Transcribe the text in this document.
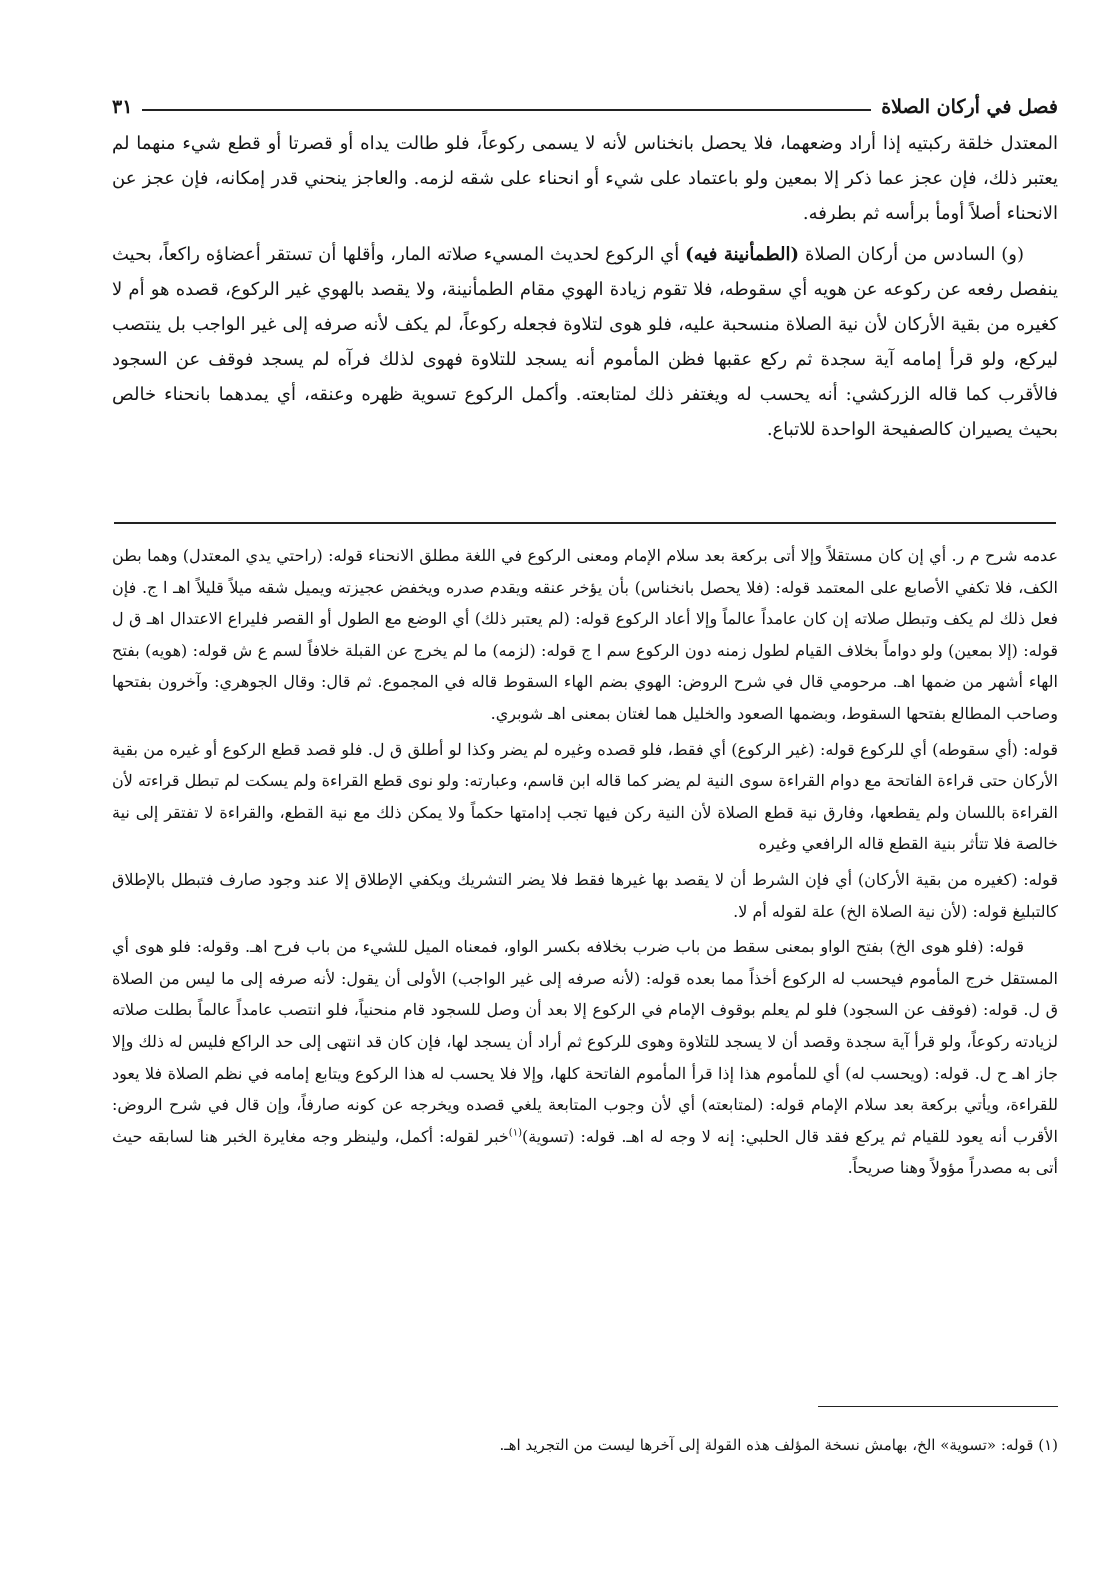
فصل في أركان الصلاة
٣١

المعتدل خلقة ركبتيه إذا أراد وضعهما، فلا يحصل بانخناس لأنه لا يسمى ركوعاً، فلو طالت يداه أو قصرتا أو قطع شيء منهما لم يعتبر ذلك، فإن عجز عما ذكر إلا بمعين ولو باعتماد على شيء أو انحناء على شقه لزمه. والعاجز ينحني قدر إمكانه، فإن عجز عن الانحناء أصلاً أومأ برأسه ثم بطرفه.

(و) السادس من أركان الصلاة (الطمأنينة فيه) أي الركوع لحديث المسيء صلاته المار، وأقلها أن تستقر أعضاؤه راكعاً، بحيث ينفصل رفعه عن ركوعه عن هويه أي سقوطه، فلا تقوم زيادة الهوي مقام الطمأنينة، ولا يقصد بالهوي غير الركوع، قصده هو أم لا كغيره من بقية الأركان لأن نية الصلاة منسحبة عليه، فلو هوى لتلاوة فجعله ركوعاً، لم يكف لأنه صرفه إلى غير الواجب بل ينتصب ليركع، ولو قرأ إمامه آية سجدة ثم ركع عقبها فظن المأموم أنه يسجد للتلاوة فهوى لذلك فرآه لم يسجد فوقف عن السجود فالأقرب كما قاله الزركشي: أنه يحسب له ويغتفر ذلك لمتابعته. وأكمل الركوع تسوية ظهره وعنقه، أي يمدهما بانحناء خالص بحيث يصيران كالصفيحة الواحدة للاتباع.

عدمه شرح م ر. أي إن كان مستقلاً وإلا أتى بركعة بعد سلام الإمام ومعنى الركوع في اللغة مطلق الانحناء قوله: (راحتي يدي المعتدل) وهما بطن الكف، فلا تكفي الأصابع على المعتمد قوله: (فلا يحصل بانخناس) بأن يؤخر عنقه ويقدم صدره ويخفض عجيزته ويميل شقه ميلاً قليلاً اهـ ا ج. فإن فعل ذلك لم يكف وتبطل صلاته إن كان عامداً عالماً وإلا أعاد الركوع قوله: (لم يعتبر ذلك) أي الوضع مع الطول أو القصر فليراع الاعتدال اهـ ق ل قوله: (إلا بمعين) ولو دواماً بخلاف القيام لطول زمنه دون الركوع سم ا ج قوله: (لزمه) ما لم يخرج عن القبلة خلافاً لسم ع ش قوله: (هويه) بفتح الهاء أشهر من ضمها اهـ. مرحومي قال في شرح الروض: الهوي بضم الهاء السقوط قاله في المجموع. ثم قال: وقال الجوهري: وآخرون بفتحها وصاحب المطالع بفتحها السقوط، وبضمها الصعود والخليل هما لغتان بمعنى اهـ شوبري.

قوله: (أي سقوطه) أي للركوع قوله: (غير الركوع) أي فقط، فلو قصده وغيره لم يضر وكذا لو أطلق ق ل. فلو قصد قطع الركوع أو غيره من بقية الأركان حتى قراءة الفاتحة مع دوام القراءة سوى النية لم يضر كما قاله ابن قاسم، وعبارته: ولو نوى قطع القراءة ولم يسكت لم تبطل قراءته لأن القراءة باللسان ولم يقطعها، وفارق نية قطع الصلاة لأن النية ركن فيها تجب إدامتها حكماً ولا يمكن ذلك مع نية القطع، والقراءة لا تفتقر إلى نية خالصة فلا تتأثر بنية القطع قاله الرافعي وغيره

قوله: (كغيره من بقية الأركان) أي فإن الشرط أن لا يقصد بها غيرها فقط فلا يضر التشريك ويكفي الإطلاق إلا عند وجود صارف فتبطل بالإطلاق كالتبليغ قوله: (لأن نية الصلاة الخ) علة لقوله أم لا.

قوله: (فلو هوى الخ) بفتح الواو بمعنى سقط من باب ضرب بخلافه بكسر الواو، فمعناه الميل للشيء من باب فرح اهـ. وقوله: فلو هوى أي المستقل خرج المأموم فيحسب له الركوع أخذاً مما بعده قوله: (لأنه صرفه إلى غير الواجب) الأولى أن يقول: لأنه صرفه إلى ما ليس من الصلاة ق ل. قوله: (فوقف عن السجود) فلو لم يعلم بوقوف الإمام في الركوع إلا بعد أن وصل للسجود قام منحنياً، فلو انتصب عامداً عالماً بطلت صلاته لزيادته ركوعاً، ولو قرأ آية سجدة وقصد أن لا يسجد للتلاوة وهوى للركوع ثم أراد أن يسجد لها، فإن كان قد انتهى إلى حد الراكع فليس له ذلك وإلا جاز اهـ ح ل. قوله: (ويحسب له) أي للمأموم هذا إذا قرأ المأموم الفاتحة كلها، وإلا فلا يحسب له هذا الركوع ويتابع إمامه في نظم الصلاة فلا يعود للقراءة، ويأتي بركعة بعد سلام الإمام قوله: (لمتابعته) أي لأن وجوب المتابعة يلغي قصده ويخرجه عن كونه صارفاً، وإن قال في شرح الروض: الأقرب أنه يعود للقيام ثم يركع فقد قال الحلبي: إنه لا وجه له اهـ. قوله: (تسوية)$^{(١)}$خبر لقوله: أكمل، ولينظر وجه مغايرة الخبر هنا لسابقه حيث أتى به مصدراً مؤولاً وهنا صريحاً.

(١) قوله: «تسوية» الخ، بهامش نسخة المؤلف هذه القولة إلى آخرها ليست من التجريد اهـ.
